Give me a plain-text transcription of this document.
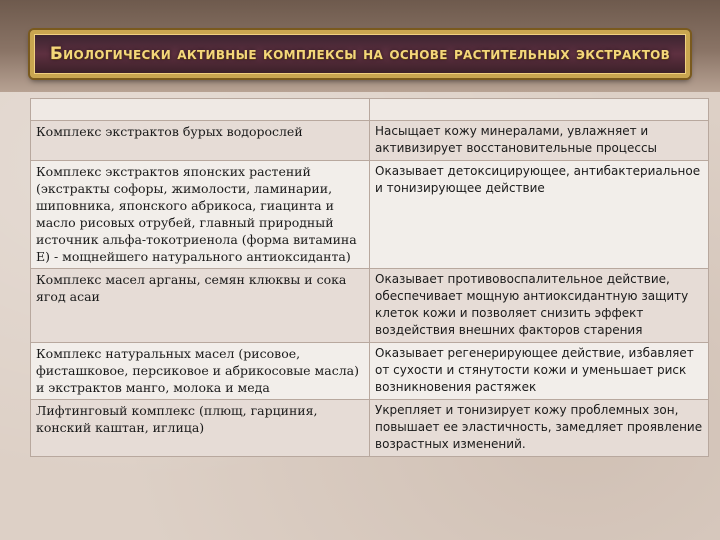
Биологически активные комплексы на основе растительных экстрактов

Комплекс экстрактов бурых водорослей	Насыщает кожу минералами, увлажняет и активизирует восстановительные процессы
Комплекс экстрактов японских растений (экстракты софоры, жимолости, ламинарии, шиповника, японского абрикоса, гиацинта и масло рисовых отрубей, главный природный источник альфа-токотриенола (форма витамина Е) - мощнейшего натурального антиоксиданта)	Оказывает детоксицирующее, антибактериальное и тонизирующее действие
Комплекс масел арганы, семян клюквы и сока ягод асаи	Оказывает противовоспалительное действие, обеспечивает мощную антиоксидантную защиту клеток кожи и позволяет снизить эффект воздействия внешних факторов старения
Комплекс натуральных масел (рисовое, фисташковое, персиковое и абрикосовые масла) и экстрактов манго, молока и меда	Оказывает регенерирующее действие, избавляет от сухости и стянутости кожи и уменьшает риск возникновения растяжек
Лифтинговый комплекс (плющ, гарциния, конский каштан, иглица)	Укрепляет и тонизирует кожу проблемных зон, повышает ее эластичность, замедляет проявление возрастных изменений.
